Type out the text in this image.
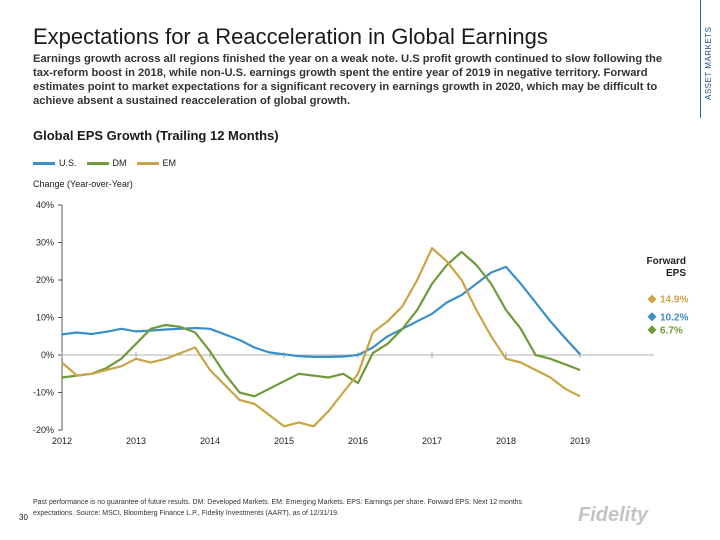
Expectations for a Reacceleration in Global Earnings
Earnings growth across all regions finished the year on a weak note. U.S profit growth continued to slow following the tax-reform boost in 2018, while non-U.S. earnings growth spent the entire year of 2019 in negative territory. Forward estimates point to market expectations for a significant recovery in earnings growth in 2020, which may be difficult to achieve absent a sustained reacceleration of global growth.
ASSET MARKETS
Global EPS Growth (Trailing 12 Months)
U.S.	DM	EM
Change (Year-over-Year)
40%
30%
20%
10%
0%
-10%
-20%
2012	2013	2014	2015	2016	2017	2018	2019
Forward EPS
14.9%
10.2%
6.7%
Past performance is no guarantee of future results. DM: Developed Markets. EM: Emerging Markets. EPS: Earnings per share. Forward EPS: Next 12 months expectations. Source: MSCI, Bloomberg Finance L.P., Fidelity Investments (AART), as of 12/31/19.
30	Fidelity
